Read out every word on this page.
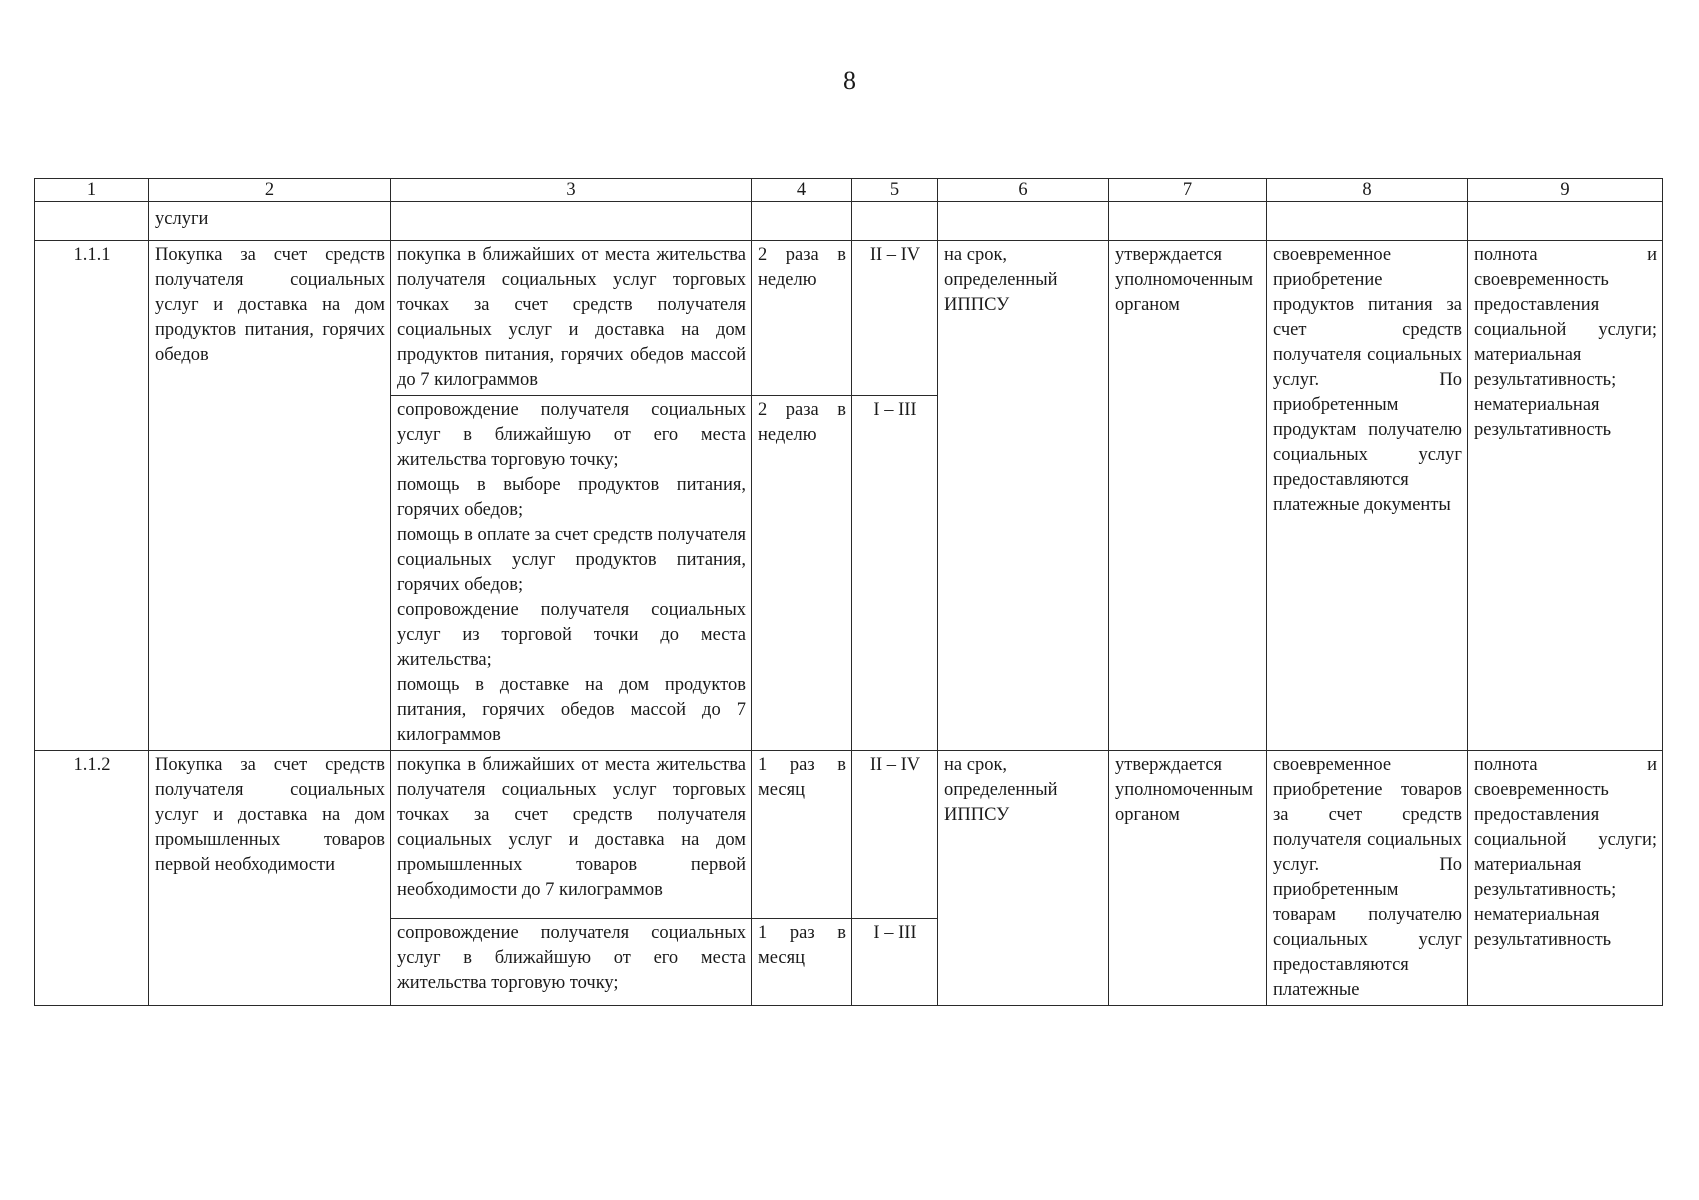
8
1	2	3	4	5	6	7	8	9
	услуги							
1.1.1	Покупка за счет средств получателя социальных услуг и доставка на дом продуктов питания, горячих обедов	покупка в ближайших от места жительства получателя социальных услуг торговых точках за счет средств получателя социальных услуг и доставка на дом продуктов питания, горячих обедов массой до 7 килограммов	2 раза в неделю	II – IV	на срок, определенный ИППСУ	утверждается уполномоченным органом	своевременное приобретение продуктов питания за счет средств получателя социальных услуг. По приобретенным продуктам получателю социальных услуг предоставляются платежные документы	полнота и своевременность предоставления социальной услуги; материальная результативность; нематериальная результативность

		сопровождение получателя социальных услуг в ближайшую от его места жительства торговую точку;
помощь в выборе продуктов питания, горячих обедов;
помощь в оплате за счет средств получателя социальных услуг продуктов питания, горячих обедов;
сопровождение получателя социальных услуг из торговой точки до места жительства;
помощь в доставке на дом продуктов питания, горячих обедов массой до 7 килограммов	2 раза в неделю	I – III				
1.1.2	Покупка за счет средств получателя социальных услуг и доставка на дом промышленных товаров первой необходимости	покупка в ближайших от места жительства получателя социальных услуг торговых точках за счет средств получателя социальных услуг и доставка на дом промышленных товаров первой необходимости до 7 килограммов	1 раз в месяц	II – IV	на срок, определенный ИППСУ	утверждается уполномоченным органом	своевременное приобретение товаров за счет средств получателя социальных услуг. По приобретенным товарам получателю социальных услуг предоставляются платежные	полнота и своевременность предоставления социальной услуги; материальная результативность; нематериальная результативность
		сопровождение получателя социальных услуг в ближайшую от его места жительства торговую точку;	1 раз в месяц	I – III				
